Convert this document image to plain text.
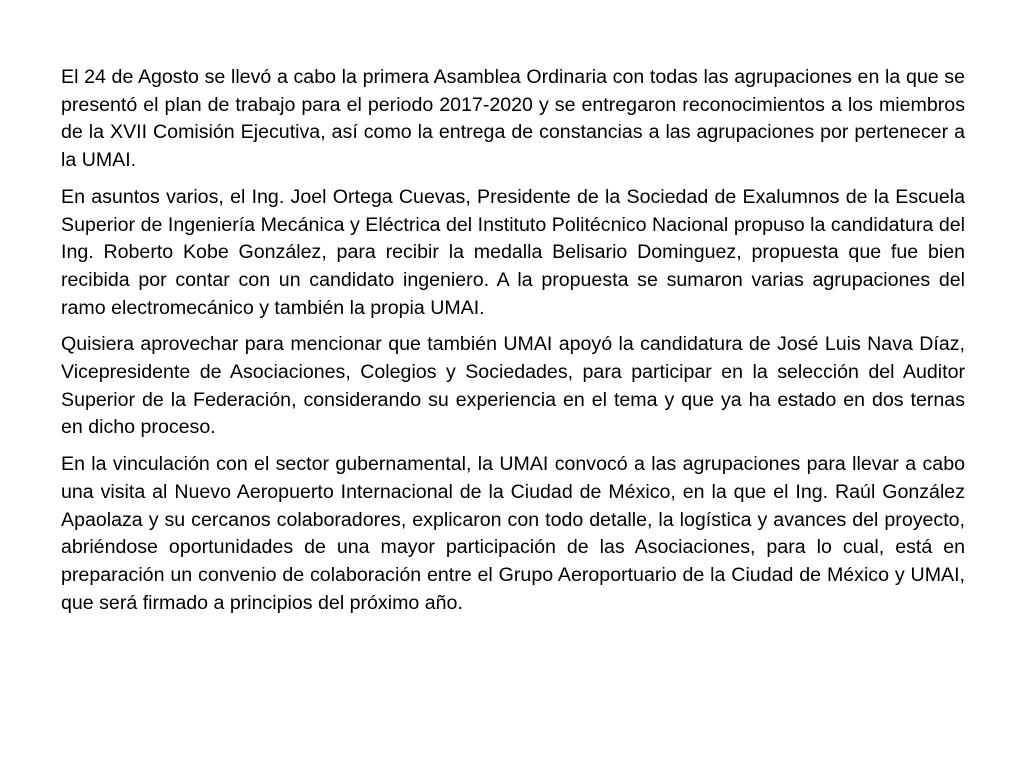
El 24 de Agosto se llevó a cabo la primera Asamblea Ordinaria con todas las agrupaciones en la que se presentó el plan de trabajo para el periodo 2017-2020 y se entregaron reconocimientos a los miembros de la XVII Comisión Ejecutiva, así como la entrega de constancias a las agrupaciones por pertenecer a la UMAI.

En asuntos varios, el Ing. Joel Ortega Cuevas, Presidente de la Sociedad de Exalumnos de la Escuela Superior de Ingeniería Mecánica y Eléctrica del Instituto Politécnico Nacional propuso la candidatura del Ing. Roberto Kobe González, para recibir la medalla Belisario Dominguez, propuesta que fue bien recibida por contar con un candidato ingeniero. A la propuesta se sumaron varias agrupaciones del ramo electromecánico y también la propia UMAI.

Quisiera aprovechar para mencionar que también UMAI apoyó la candidatura de José Luis Nava Díaz, Vicepresidente de Asociaciones, Colegios y Sociedades, para participar en la selección del Auditor Superior de la Federación, considerando su experiencia en el tema y que ya ha estado en dos ternas en dicho proceso.

En la vinculación con el sector gubernamental, la UMAI convocó a las agrupaciones para llevar a cabo una visita al Nuevo Aeropuerto Internacional de la Ciudad de México, en la que el Ing. Raúl González Apaolaza y su cercanos colaboradores, explicaron con todo detalle, la logística y avances del proyecto, abriéndose oportunidades de una mayor participación de las Asociaciones, para lo cual, está en preparación un convenio de colaboración entre el Grupo Aeroportuario de la Ciudad de México y UMAI, que será firmado a principios del próximo año.
